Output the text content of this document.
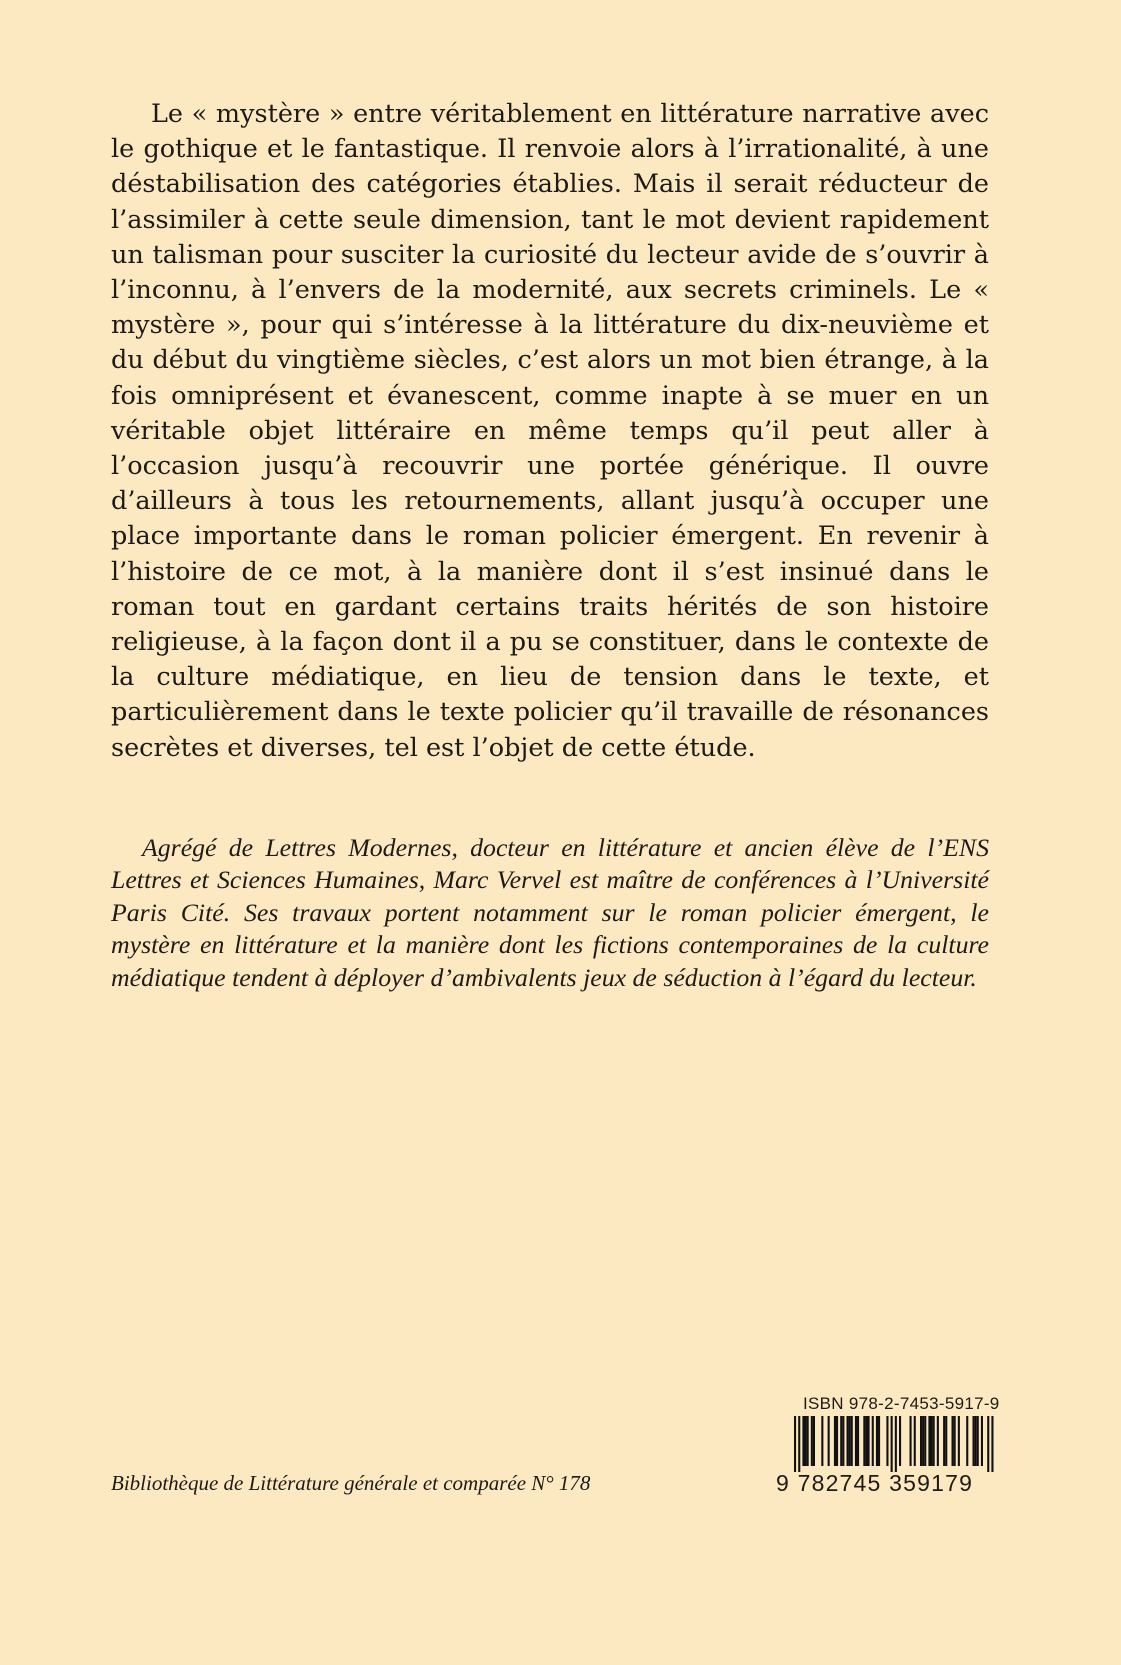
Le « mystère » entre véritablement en littérature narrative avec le gothique et le fantastique. Il renvoie alors à l’irrationalité, à une déstabilisation des catégories établies. Mais il serait réducteur de l’assimiler à cette seule dimension, tant le mot devient rapidement un talisman pour susciter la curiosité du lecteur avide de s’ouvrir à l’inconnu, à l’envers de la modernité, aux secrets criminels. Le « mystère », pour qui s’intéresse à la littérature du dix-neuvième et du début du vingtième siècles, c’est alors un mot bien étrange, à la fois omniprésent et évanescent, comme inapte à se muer en un véritable objet littéraire en même temps qu’il peut aller à l’occasion jusqu’à recouvrir une portée générique. Il ouvre d’ailleurs à tous les retournements, allant jusqu’à occuper une place importante dans le roman policier émergent. En revenir à l’histoire de ce mot, à la manière dont il s’est insinué dans le roman tout en gardant certains traits hérités de son histoire religieuse, à la façon dont il a pu se constituer, dans le contexte de la culture médiatique, en lieu de tension dans le texte, et particulièrement dans le texte policier qu’il travaille de résonances secrètes et diverses, tel est l’objet de cette étude.

Agrégé de Lettres Modernes, docteur en littérature et ancien élève de l’ENS Lettres et Sciences Humaines, Marc Vervel est maître de conférences à l’Université Paris Cité. Ses travaux portent notamment sur le roman policier émergent, le mystère en littérature et la manière dont les fictions contemporaines de la culture médiatique tendent à déployer d’ambivalents jeux de séduction à l’égard du lecteur.

Bibliothèque de Littérature générale et comparée N° 178
ISBN 978-2-7453-5917-9
9 782745 359179
